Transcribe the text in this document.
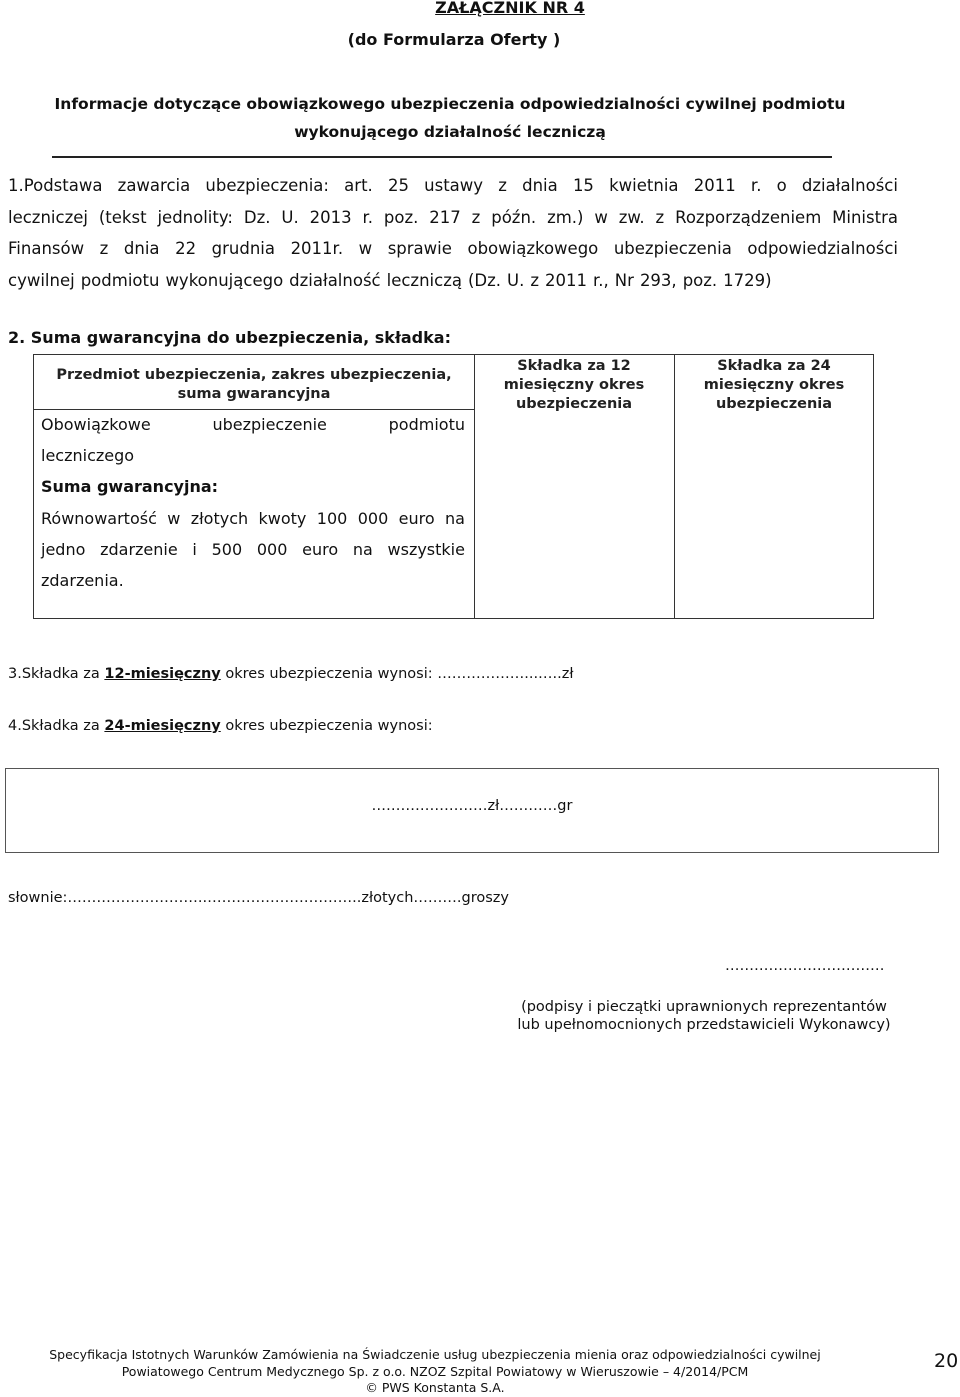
ZAŁĄCZNIK NR 4
(do Formularza Oferty )
Informacje dotyczące obowiązkowego ubezpieczenia odpowiedzialności cywilnej podmiotu
wykonującego działalność leczniczą
1.Podstawa zawarcia ubezpieczenia: art. 25 ustawy z dnia 15 kwietnia 2011 r. o działalności
leczniczej (tekst jednolity: Dz. U. 2013 r. poz. 217 z późn. zm.) w zw. z Rozporządzeniem Ministra
Finansów z dnia 22 grudnia 2011r. w sprawie obowiązkowego ubezpieczenia odpowiedzialności
cywilnej podmiotu wykonującego działalność leczniczą (Dz. U. z 2011 r., Nr 293, poz. 1729)
2. Suma gwarancyjna do ubezpieczenia, składka:
Przedmiot ubezpieczenia, zakres ubezpieczenia, suma gwarancyjna
Obowiązkowe	ubezpieczenie	podmiotu
leczniczego
Suma gwarancyjna:
Równowartość w złotych kwoty 100 000 euro na
jedno zdarzenie i 500 000 euro na wszystkie
zdarzenia.
Składka za 12 miesięczny okres ubezpieczenia
Składka za 24 miesięczny okres ubezpieczenia
3.Składka za 12-miesięczny okres ubezpieczenia wynosi: ………………...…..zł
4.Składka za 24-miesięczny okres ubezpieczenia wynosi:
……………………zł…………gr
słownie:………………………..…………………………..złotych……….groszy
……………………………
(podpisy i pieczątki uprawnionych reprezentantów
lub upełnomocnionych przedstawicieli Wykonawcy)
Specyfikacja Istotnych Warunków Zamówienia na Świadczenie usług ubezpieczenia mienia oraz odpowiedzialności cywilnej
Powiatowego Centrum Medycznego Sp. z o.o. NZOZ Szpital Powiatowy w Wieruszowie – 4/2014/PCM
© PWS Konstanta S.A.
20
